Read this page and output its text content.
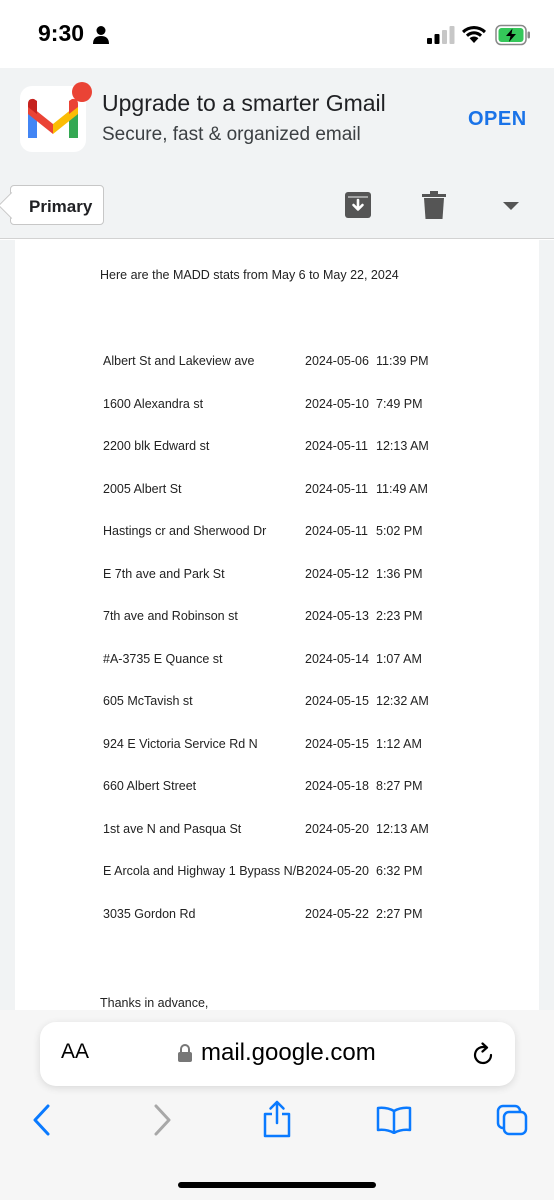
9:30
Upgrade to a smarter Gmail
Secure, fast & organized email
OPEN
Primary
Here are the MADD stats from May 6 to May 22, 2024
Albert St and Lakeview ave	2024-05-06	11:39 PM
1600 Alexandra st	2024-05-10	7:49 PM
2200 blk Edward st	2024-05-11	12:13 AM
2005 Albert St	2024-05-11	11:49 AM
Hastings cr and Sherwood Dr	2024-05-11	5:02 PM
E 7th ave and Park St	2024-05-12	1:36 PM
7th ave and Robinson st	2024-05-13	2:23 PM
#A-3735 E Quance st	2024-05-14	1:07 AM
605 McTavish st	2024-05-15	12:32 AM
924 E Victoria Service Rd N	2024-05-15	1:12 AM
660 Albert Street	2024-05-18	8:27 PM
1st ave N and Pasqua St	2024-05-20	12:13 AM
E Arcola and Highway 1 Bypass N/B	2024-05-20	6:32 PM
3035 Gordon Rd	2024-05-22	2:27 PM
Thanks in advance,
AA	mail.google.com
